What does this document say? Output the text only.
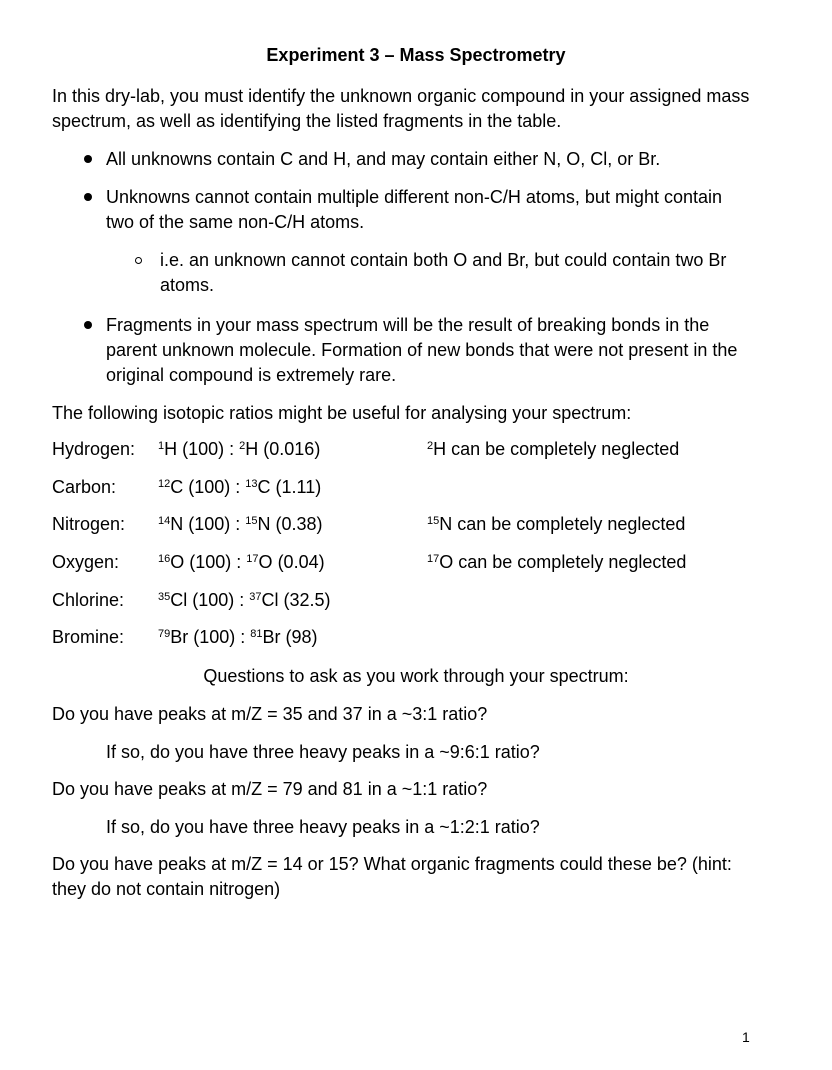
Experiment 3 – Mass Spectrometry
In this dry-lab, you must identify the unknown organic compound in your assigned mass spectrum, as well as identifying the listed fragments in the table.
All unknowns contain C and H, and may contain either N, O, Cl, or Br.
Unknowns cannot contain multiple different non-C/H atoms, but might contain two of the same non-C/H atoms.
i.e. an unknown cannot contain both O and Br, but could contain two Br atoms.
Fragments in your mass spectrum will be the result of breaking bonds in the parent unknown molecule. Formation of new bonds that were not present in the original compound is extremely rare.
The following isotopic ratios might be useful for analysing your spectrum:
Hydrogen: $^1$H (100) : $^2$H (0.016)	$^2$H can be completely neglected
Carbon:	$^{12}$C (100) : $^{13}$C (1.11)
Nitrogen:	$^{14}$N (100) : $^{15}$N (0.38)	$^{15}$N can be completely neglected
Oxygen:	$^{16}$O (100) : $^{17}$O (0.04)	$^{17}$O can be completely neglected
Chlorine:	$^{35}$Cl (100) : $^{37}$Cl (32.5)
Bromine:	$^{79}$Br (100) : $^{81}$Br (98)
Questions to ask as you work through your spectrum:
Do you have peaks at m/Z = 35 and 37 in a ~3:1 ratio?
If so, do you have three heavy peaks in a ~9:6:1 ratio?
Do you have peaks at m/Z = 79 and 81 in a ~1:1 ratio?
If so, do you have three heavy peaks in a ~1:2:1 ratio?
Do you have peaks at m/Z = 14 or 15? What organic fragments could these be? (hint: they do not contain nitrogen)
1
